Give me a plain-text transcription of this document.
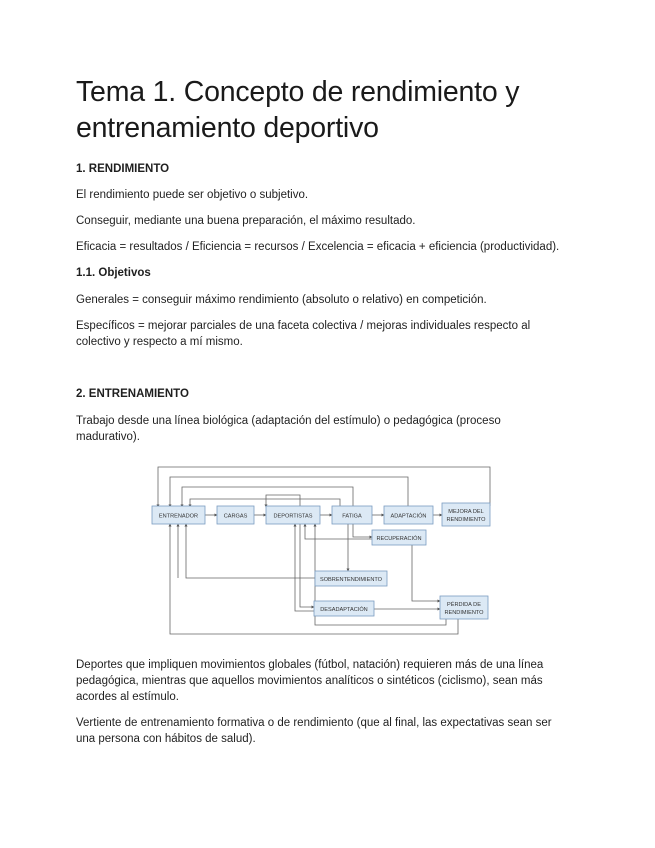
Tema 1. Concepto de rendimiento y entrenamiento deportivo

1. RENDIMIENTO

El rendimiento puede ser objetivo o subjetivo.

Conseguir, mediante una buena preparación, el máximo resultado.

Eficacia = resultados / Eficiencia = recursos / Excelencia = eficacia + eficiencia (productividad).

1.1. Objetivos

Generales = conseguir máximo rendimiento (absoluto o relativo) en competición.

Específicos = mejorar parciales de una faceta colectiva / mejoras individuales respecto al

colectivo y respecto a mí mismo.

2. ENTRENAMIENTO

Trabajo desde una línea biológica (adaptación del estímulo) o pedagógica (proceso

madurativo).

Deportes que impliquen movimientos globales (fútbol, natación) requieren más de una línea

pedagógica, mientras que aquellos movimientos analíticos o sintéticos (ciclismo), sean más

acordes al estímulo.

Vertiente de entrenamiento formativa o de rendimiento (que al final, las expectativas sean ser

una persona con hábitos de salud).

ENTRENADOR	CARGAS	DEPORTISTAS	FATIGA	ADAPTACIÓN
MEJORA DEL
RENDIMIENTO
RECUPERACIÓN
SOBRENTENDIMIENTO
DESADAPTACIÓN
PÉRDIDA DE
RENDIMIENTO
